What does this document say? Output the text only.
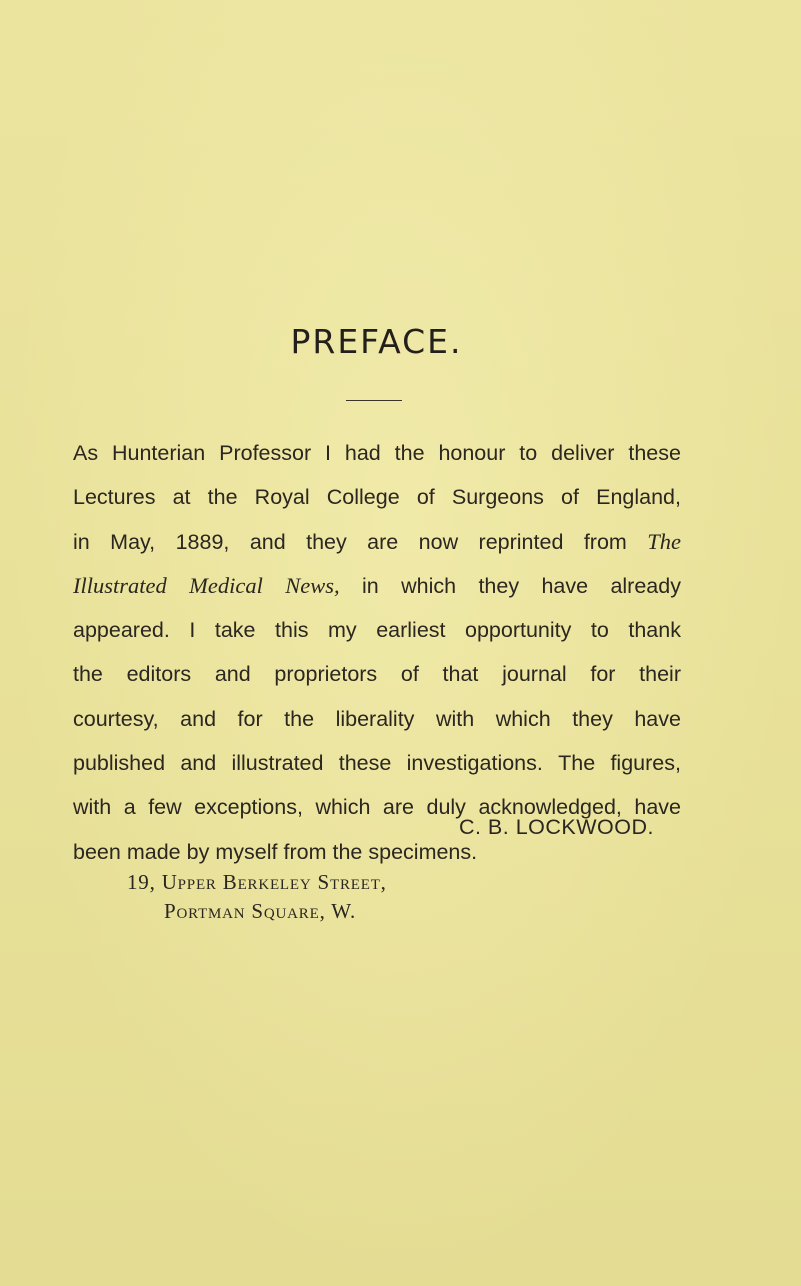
PREFACE.
As Hunterian Professor I had the honour to deliver these
Lectures at the Royal College of Surgeons of England,
in May, 1889, and they are now reprinted from The
Illustrated Medical News, in which they have already
appeared. I take this my earliest opportunity to thank
the editors and proprietors of that journal for their
courtesy, and for the liberality with which they have
published and illustrated these investigations. The figures,
with a few exceptions, which are duly acknowledged, have
been made by myself from the specimens.
C. B. LOCKWOOD.
19, Upper Berkeley Street,
Portman Square, W.
